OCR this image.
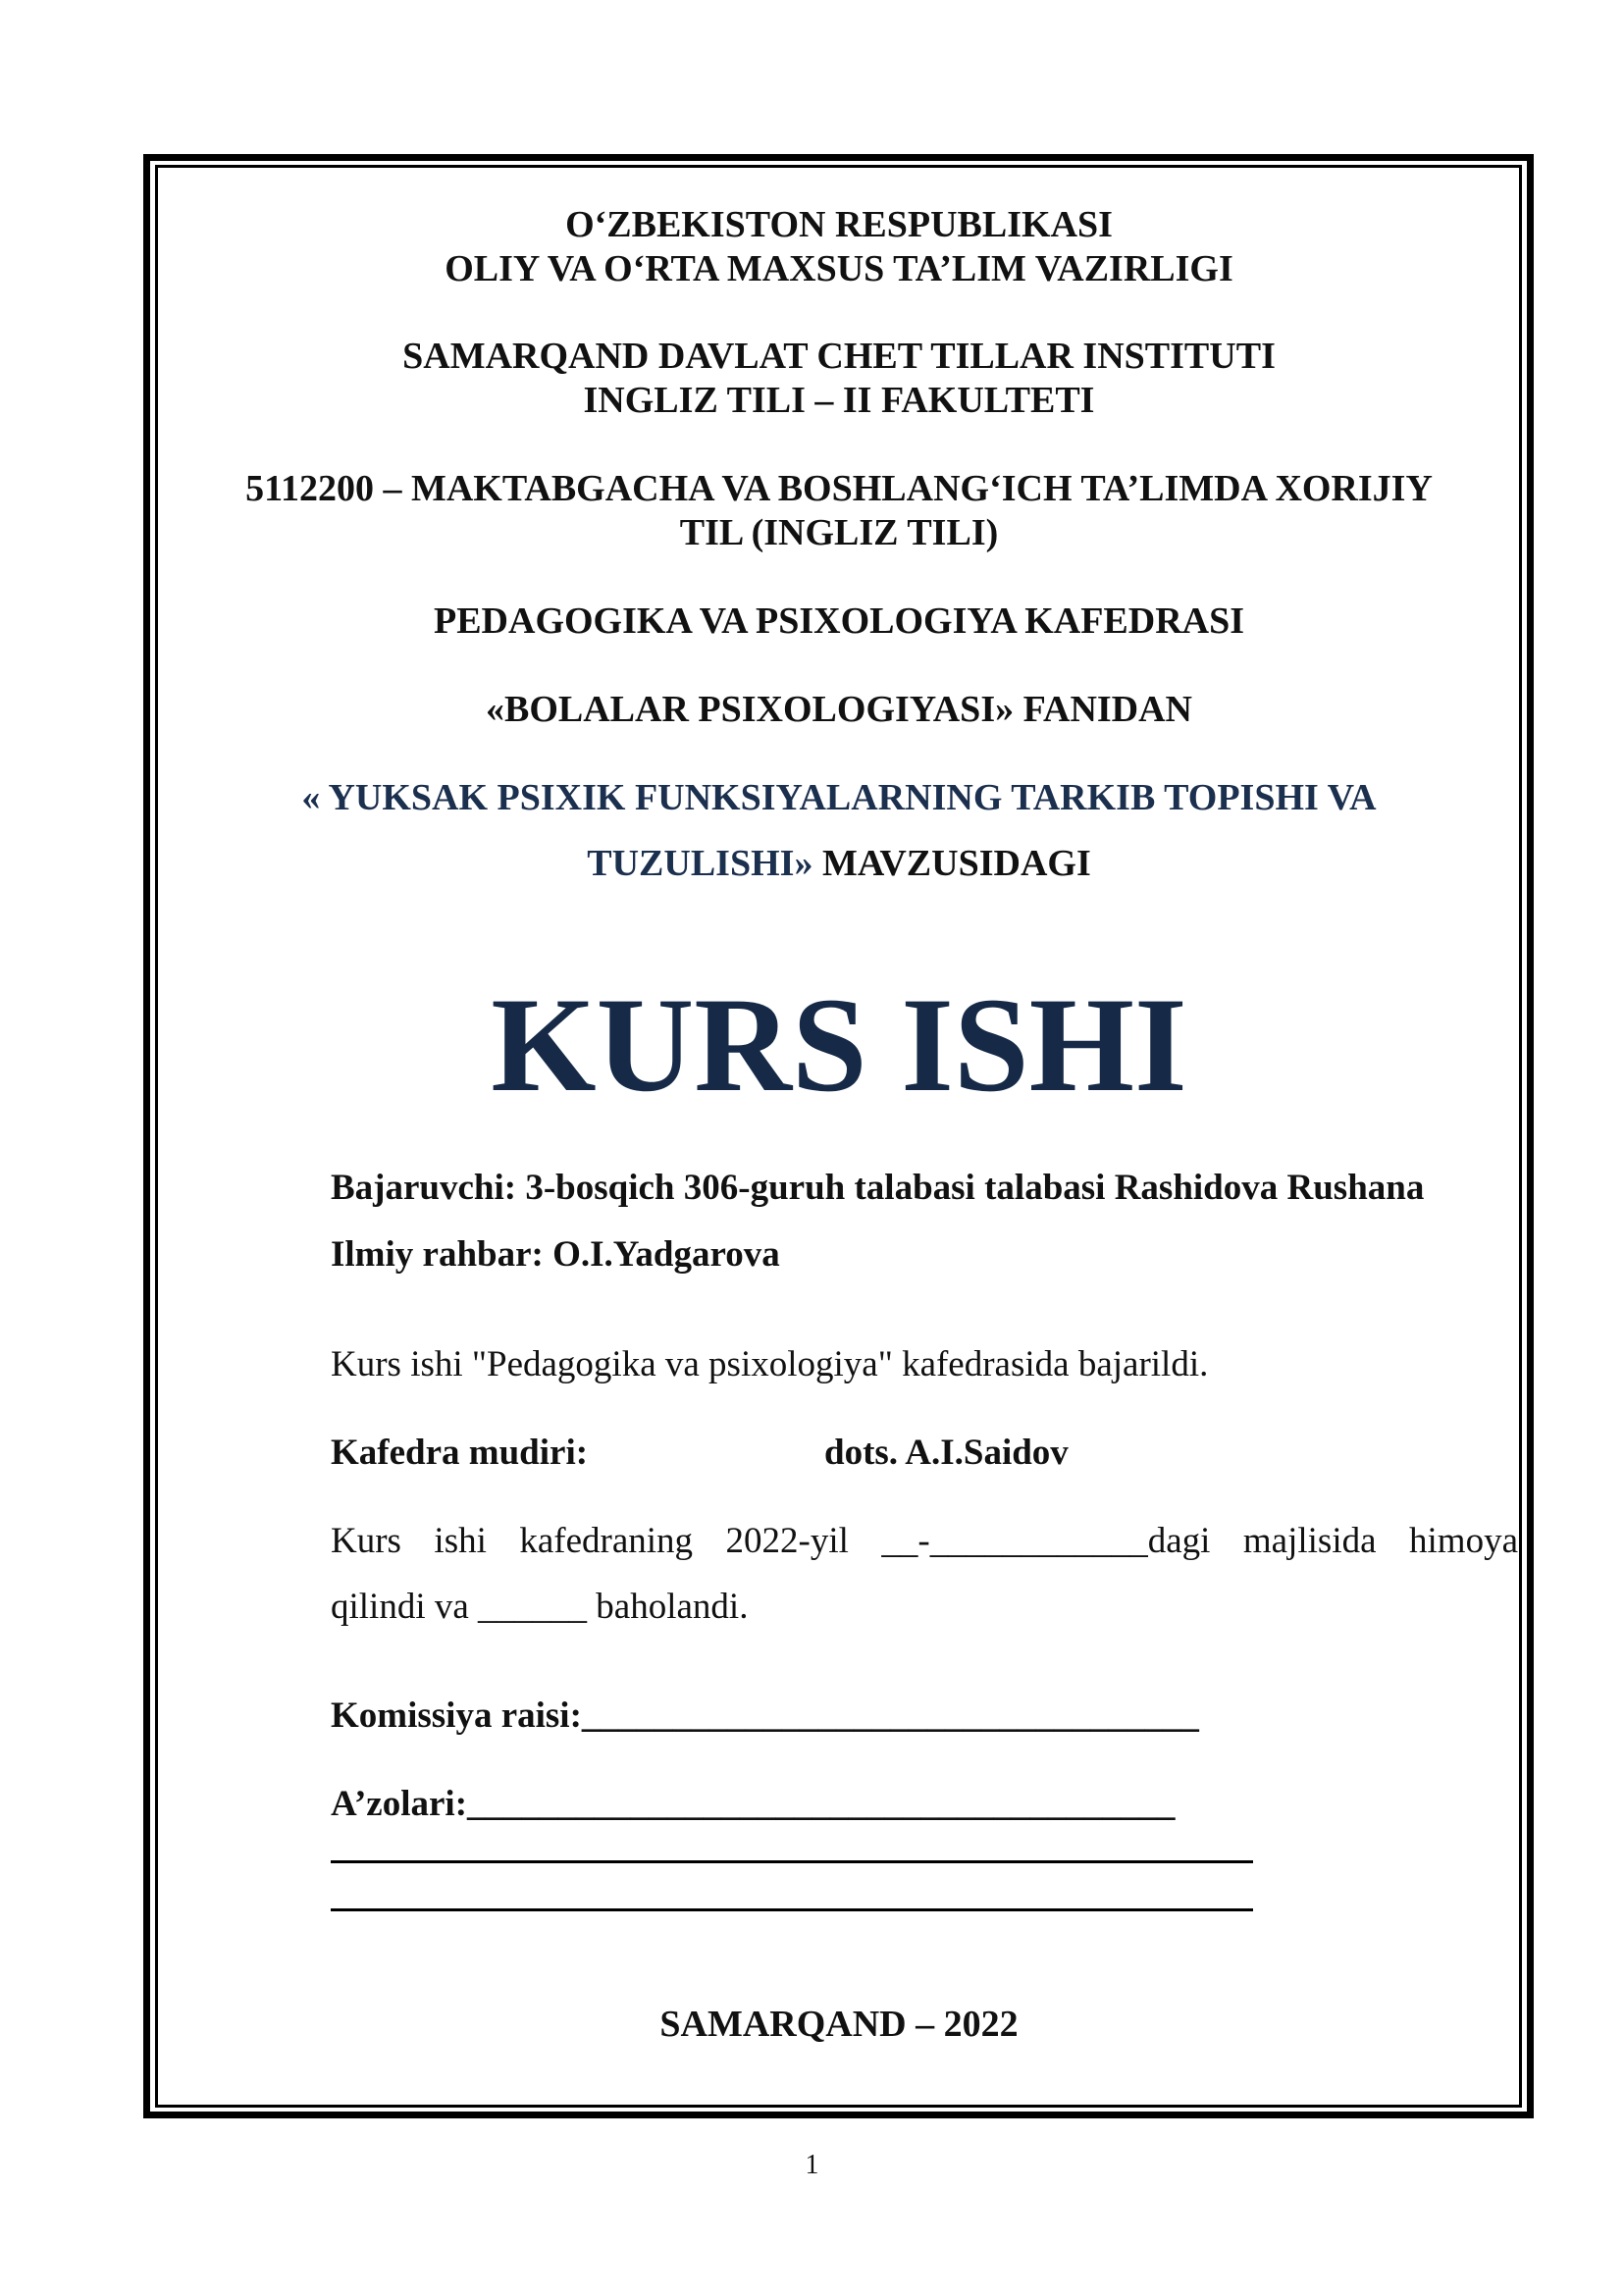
O‘ZBEKISTON RESPUBLIKASI
OLIY VA O‘RTA MAXSUS TA’LIM VAZIRLIGI
SAMARQAND DAVLAT CHET TILLAR INSTITUTI
INGLIZ TILI – II FAKULTETI
5112200 – MAKTABGACHA VA BOSHLANG‘ICH TA’LIMDA XORIJIY
TIL (INGLIZ TILI)
PEDAGOGIKA VA PSIXOLOGIYA KAFEDRASI
«BOLALAR PSIXOLOGIYASI» FANIDAN
« YUKSAK PSIXIK FUNKSIYALARNING TARKIB TOPISHI VA
TUZULISHI» MAVZUSIDAGI
KURS ISHI
Bajaruvchi: 3-bosqich 306-guruh talabasi talabasi Rashidova Rushana
Ilmiy rahbar: O.I.Yadgarova
Kurs ishi "Pedagogika va psixologiya" kafedrasida bajarildi.
Kafedra mudiri:	dots. A.I.Saidov
Kurs ishi kafedraning 2022-yil __-____________dagi majlisida himoya
qilindi va ______ baholandi.
Komissiya raisi:__________________________________
A’zolari:_______________________________________
SAMARQAND – 2022
1
